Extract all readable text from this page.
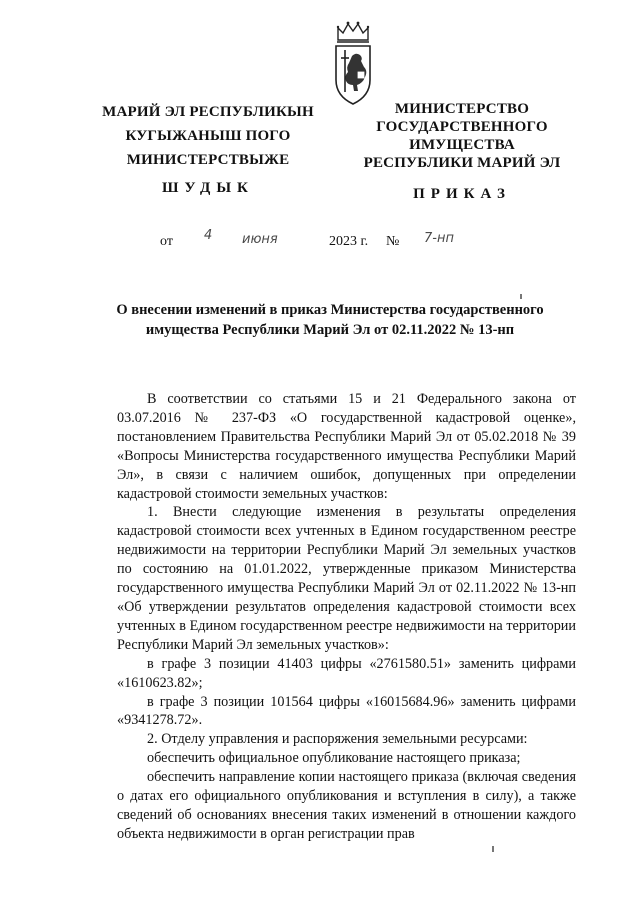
МАРИЙ ЭЛ РЕСПУБЛИКЫН
КУГЫЖАНЫШ ПОГО
МИНИСТЕРСТВЫЖЕ
МИНИСТЕРСТВО
ГОСУДАРСТВЕННОГО
ИМУЩЕСТВА
РЕСПУБЛИКИ МАРИЙ ЭЛ
ШУДЫК	ПРИКАЗ
от 4 июня	2023 г. № 7-нп
О внесении изменений в приказ Министерства государственного
имущества Республики Марий Эл от 02.11.2022 № 13-нп

В соответствии со статьями 15 и 21 Федерального закона от 03.07.2016 № 237-ФЗ «О государственной кадастровой оценке», постановлением Правительства Республики Марий Эл от 05.02.2018 № 39 «Вопросы Министерства государственного имущества Республики Марий Эл», в связи с наличием ошибок, допущенных при определении кадастровой стоимости земельных участков:

1. Внести следующие изменения в результаты определения кадастровой стоимости всех учтенных в Едином государственном реестре недвижимости на территории Республики Марий Эл земельных участков по состоянию на 01.01.2022, утвержденные приказом Министерства государственного имущества Республики Марий Эл от 02.11.2022 № 13-нп «Об утверждении результатов определения кадастровой стоимости всех учтенных в Едином государственном реестре недвижимости на территории Республики Марий Эл земельных участков»:

в графе 3 позиции 41403 цифры «2761580.51» заменить цифрами «1610623.82»;

в графе 3 позиции 101564 цифры «16015684.96» заменить цифрами «9341278.72».

2. Отделу управления и распоряжения земельными ресурсами:

обеспечить официальное опубликование настоящего приказа;

обеспечить направление копии настоящего приказа (включая сведения о датах его официального опубликования и вступления в силу), а также сведений об основаниях внесения таких изменений в отношении каждого объекта недвижимости в орган регистрации прав
